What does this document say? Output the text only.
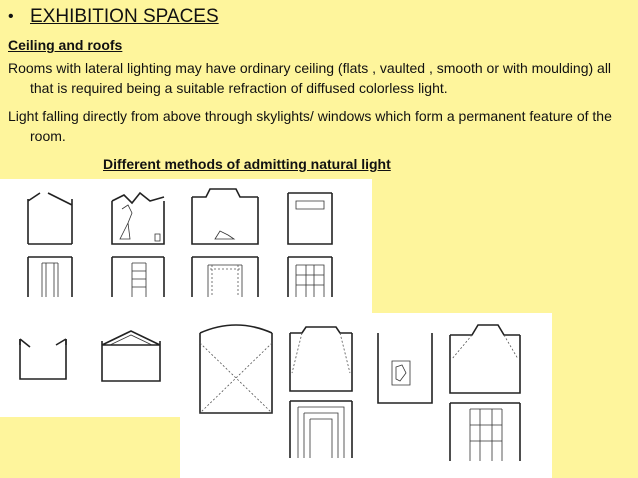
• EXHIBITION SPACES
Ceiling and roofs
Rooms with lateral lighting may have ordinary ceiling (flats , vaulted , smooth or with moulding) all that is required being a suitable refraction of diffused colorless light.
Light falling directly from above through skylights/ windows which form a permanent feature of the room.
Different methods of admitting natural light
